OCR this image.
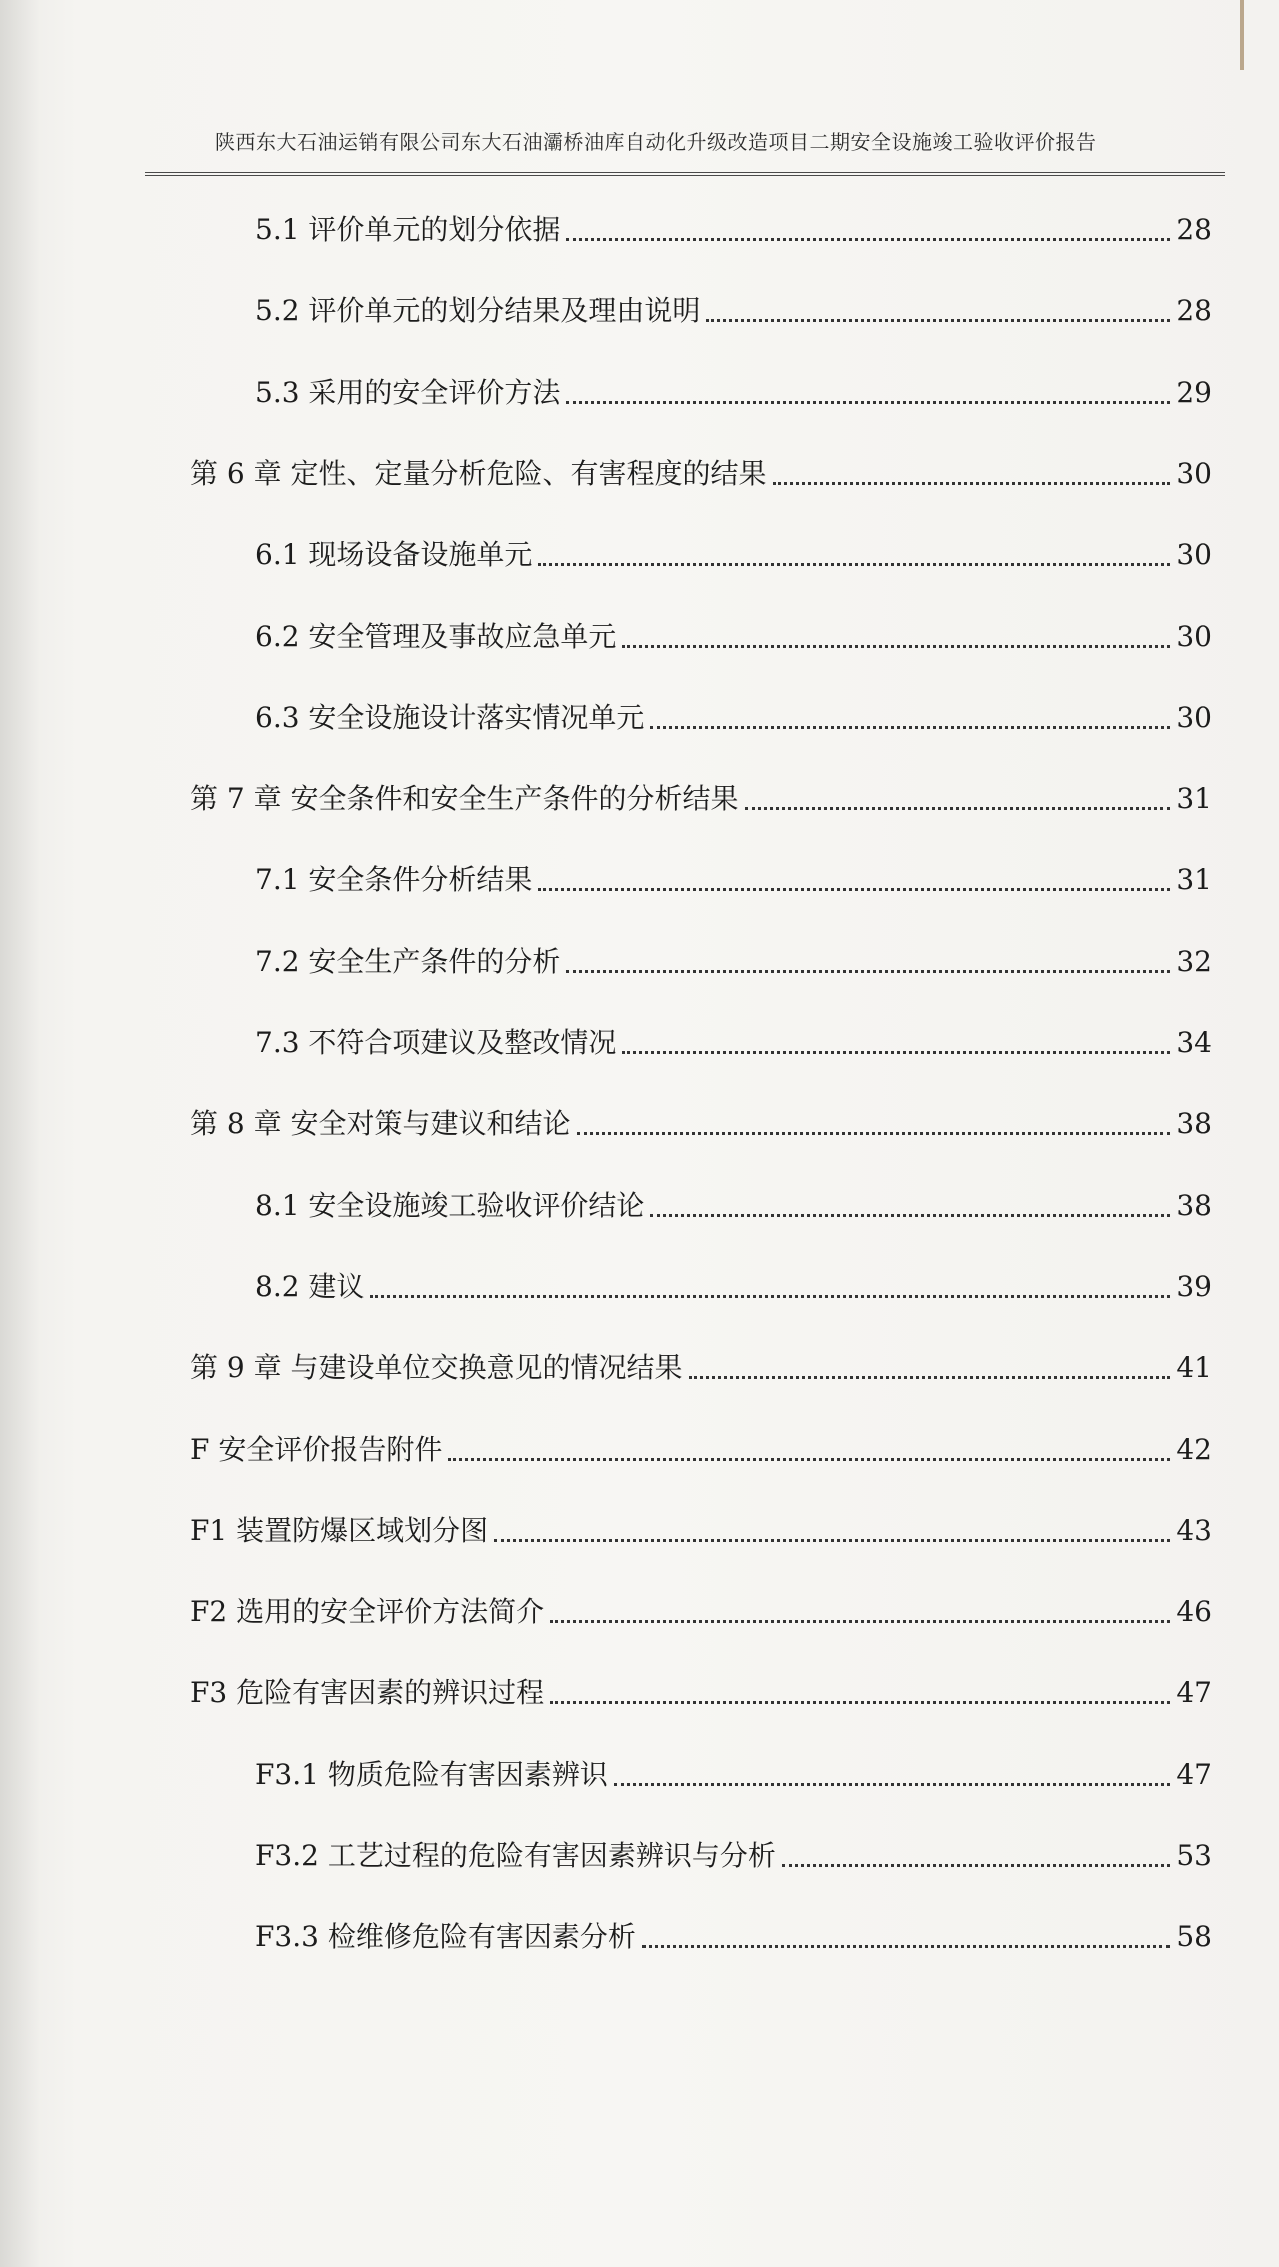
陕西东大石油运销有限公司东大石油灞桥油库自动化升级改造项目二期安全设施竣工验收评价报告
5.1 评价单元的划分依据	28
5.2 评价单元的划分结果及理由说明	28
5.3 采用的安全评价方法	29
第 6 章 定性、定量分析危险、有害程度的结果	30
6.1 现场设备设施单元	30
6.2 安全管理及事故应急单元	30
6.3 安全设施设计落实情况单元	30
第 7 章 安全条件和安全生产条件的分析结果	31
7.1 安全条件分析结果	31
7.2 安全生产条件的分析	32
7.3 不符合项建议及整改情况	34
第 8 章 安全对策与建议和结论	38
8.1 安全设施竣工验收评价结论	38
8.2 建议	39
第 9 章 与建设单位交换意见的情况结果	41
F 安全评价报告附件	42
F1 装置防爆区域划分图	43
F2 选用的安全评价方法简介	46
F3 危险有害因素的辨识过程	47
F3.1 物质危险有害因素辨识	47
F3.2 工艺过程的危险有害因素辨识与分析	53
F3.3 检维修危险有害因素分析	58
